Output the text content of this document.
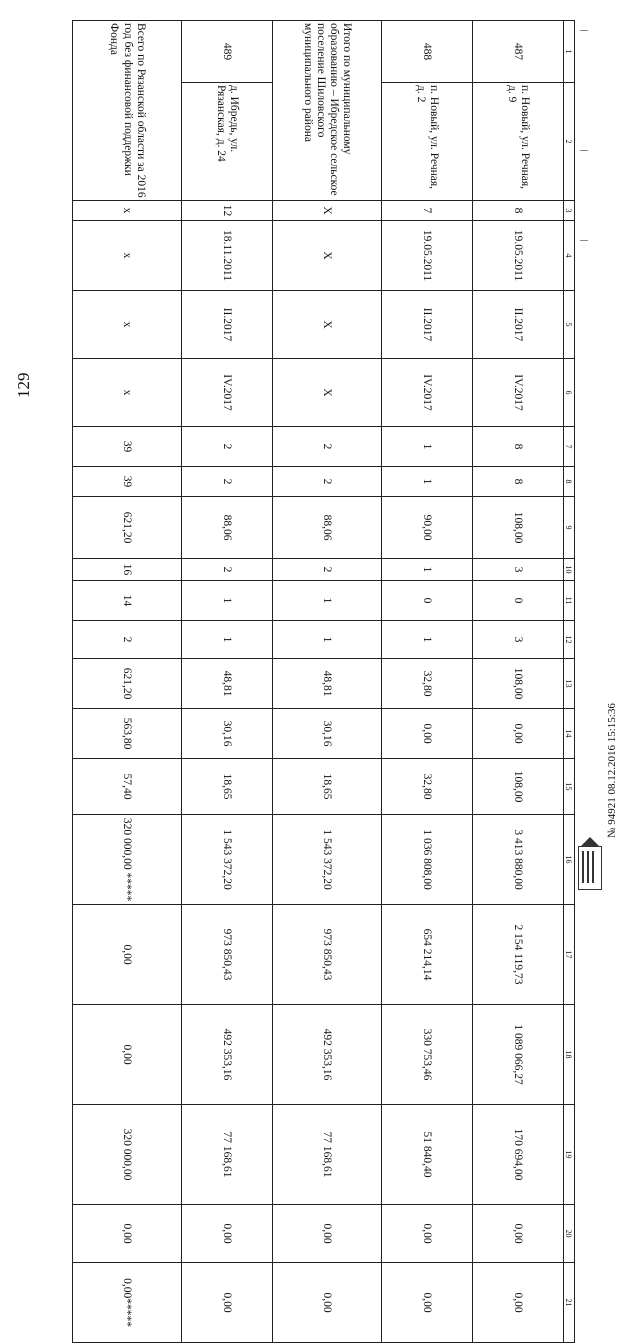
129
1	2	3	4	5	6	7	8	9	10	11	12	13	14	15	16	17	18	19	20	21
487	п. Новый, ул. Речная, д. 9	8	19.05.2011	II.2017	IV.2017	8	8	108,00	3	0	3	108,00	0,00	108,00	3 413 880,00	2 154 119,73	1 089 066,27	170 694,00	0,00	0,00
488	п. Новый, ул. Речная, д. 2	7	19.05.2011	II.2017	IV.2017	1	1	90,00	1	0	1	32,80	0,00	32,80	1 036 808,00	654 214,14	330 753,46	51 840,40	0,00	0,00
Итого по муниципальному образованию – Ибредское сельское поселение Шиловского муниципального района		X	X	X	X	2	2	88,06	2	1	1	48,81	30,16	18,65	1 543 372,20	973 850,43	492 353,16	77 168,61	0,00	0,00
489	д. Ибредь, ул. Рязанская, д. 24	12	18.11.2011	II.2017	IV.2017	2	2	88,06	2	1	1	48,81	30,16	18,65	1 543 372,20	973 850,43	492 353,16	77 168,61	0,00	0,00
Всего по Рязанской области за 2016 год без финансовой поддержки Фонда		x	x	x	x	39	39	621,20	16	14	2	621,20	563,80	57,40	320 000,00 *****	0,00	0,00	320 000,00	0,00	0,00*****
№ 94921 08.12.2016 15:15:36
